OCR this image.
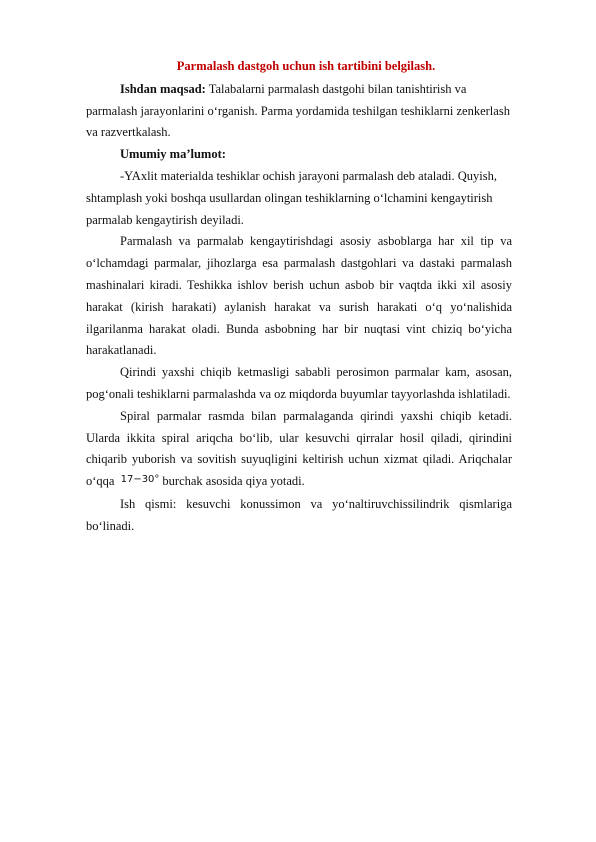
Parmalash dastgoh uchun ish tartibini belgilash.

Ishdan maqsad: Talabalarni parmalash dastgohi bilan tanishtirish va parmalash jarayonlarini o‘rganish. Parma yordamida teshilgan teshiklarni zenkerlash va razvertkalash.

Umumiy ma’lumot:

-YAxlit materialda teshiklar ochish jarayoni parmalash deb ataladi. Quyish, shtamplash yoki boshqa usullardan olingan teshiklarning o‘lchamini kengaytirish parmalab kengaytirish deyiladi.

Parmalash va parmalab kengaytirishdagi asosiy asboblarga har xil tip va o‘lchamdagi parmalar, jihozlarga esa parmalash dastgohlari va dastaki parmalash mashinalari kiradi. Teshikka ishlov berish uchun asbob bir vaqtda ikki xil asosiy harakat (kirish harakati) aylanish harakat va surish harakati o‘q yo‘nalishida ilgarilanma harakat oladi. Bunda asbobning har bir nuqtasi vint chiziq bo‘yicha harakatlanadi.

Qirindi yaxshi chiqib ketmasligi sababli perosimon parmalar kam, asosan, pog‘onali teshiklarni parmalashda va oz miqdorda buyumlar tayyorlashda ishlatiladi.

Spiral parmalar rasmda bilan parmalaganda qirindi yaxshi chiqib ketadi. Ularda ikkita spiral ariqcha bo‘lib, ular kesuvchi qirralar hosil qiladi, qirindini chiqarib yuborish va sovitish suyuqligini keltirish uchun xizmat qiladi. Ariqchalar o‘qqa $^{17-30^\circ}$ burchak asosida qiya yotadi.

Ish qismi: kesuvchi konussimon va yo‘naltiruvchissilindrik qismlariga bo‘linadi.
